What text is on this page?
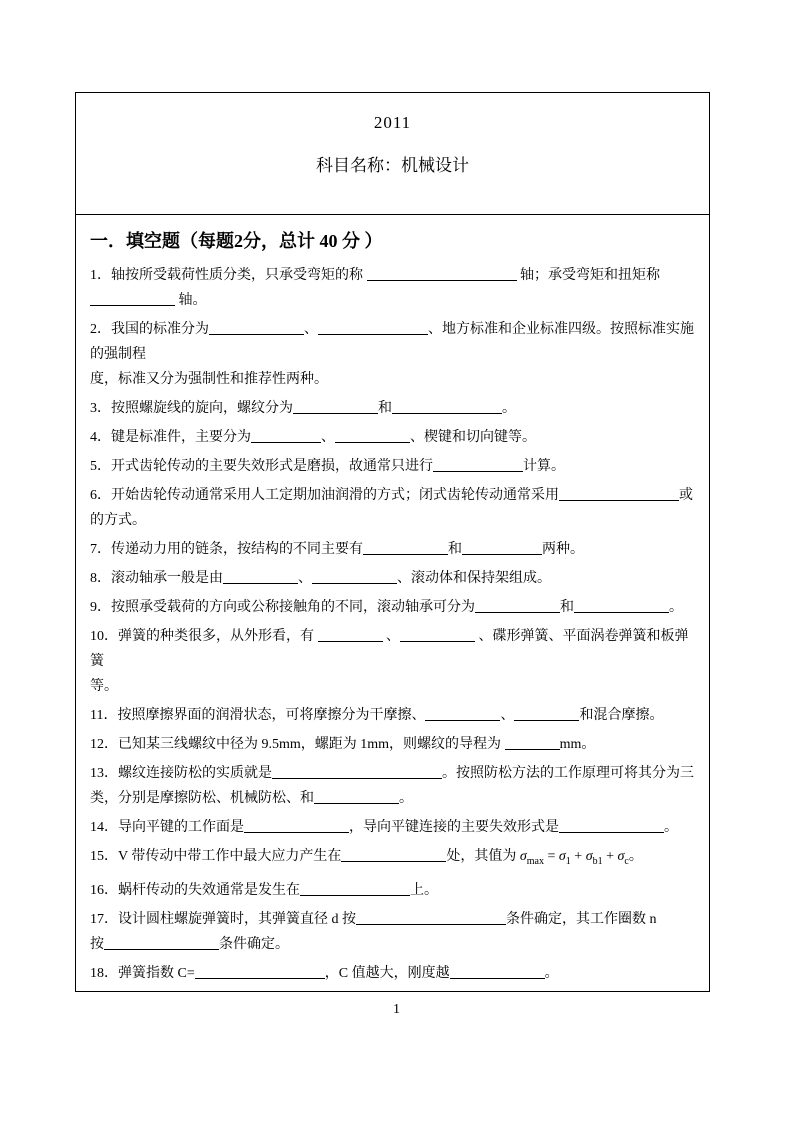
2011
科目名称：机械设计
一．填空题（每题2分，总计 40 分 ）
1．轴按所受载荷性质分类，只承受弯矩的称	轴；承受弯矩和扭矩称
轴。
2．我国的标准分为	、	、地方标准和企业标准四级。按照标准实施的强制程
度，标准又分为强制性和推荐性两种。
3．按照螺旋线的旋向，螺纹分为	和	。
4．键是标准件，主要分为	、	、楔键和切向键等。
5．开式齿轮传动的主要失效形式是磨损，故通常只进行	计算。
6．开始齿轮传动通常采用人工定期加油润滑的方式；闭式齿轮传动通常采用	或
的方式。
7．传递动力用的链条，按结构的不同主要有	和	两种。
8．滚动轴承一般是由	、	、滚动体和保持架组成。
9．按照承受载荷的方向或公称接触角的不同，滚动轴承可分为	和	。
10．弹簧的种类很多，从外形看，有	、	、碟形弹簧、平面涡卷弹簧和板弹簧
等。
11．按照摩擦界面的润滑状态，可将摩擦分为干摩擦、	、	和混合摩擦。
12．已知某三线螺纹中径为 9.5mm，螺距为 1mm，则螺纹的导程为	mm。
13．螺纹连接防松的实质就是	。按照防松方法的工作原理可将其分为三
类，分别是摩擦防松、机械防松、和	。
14．导向平键的工作面是	，导向平键连接的主要失效形式是	。
15．V 带传动中带工作中最大应力产生在	处，其值为 $\sigma_{max} = \sigma_1 + \sigma_{b1} + \sigma_c$。
16．蜗杆传动的失效通常是发生在	上。
17．设计圆柱螺旋弹簧时，其弹簧直径 d 按	条件确定，其工作圈数 n
按	条件确定。
18．弹簧指数 C=	，C 值越大，刚度越	。
1
